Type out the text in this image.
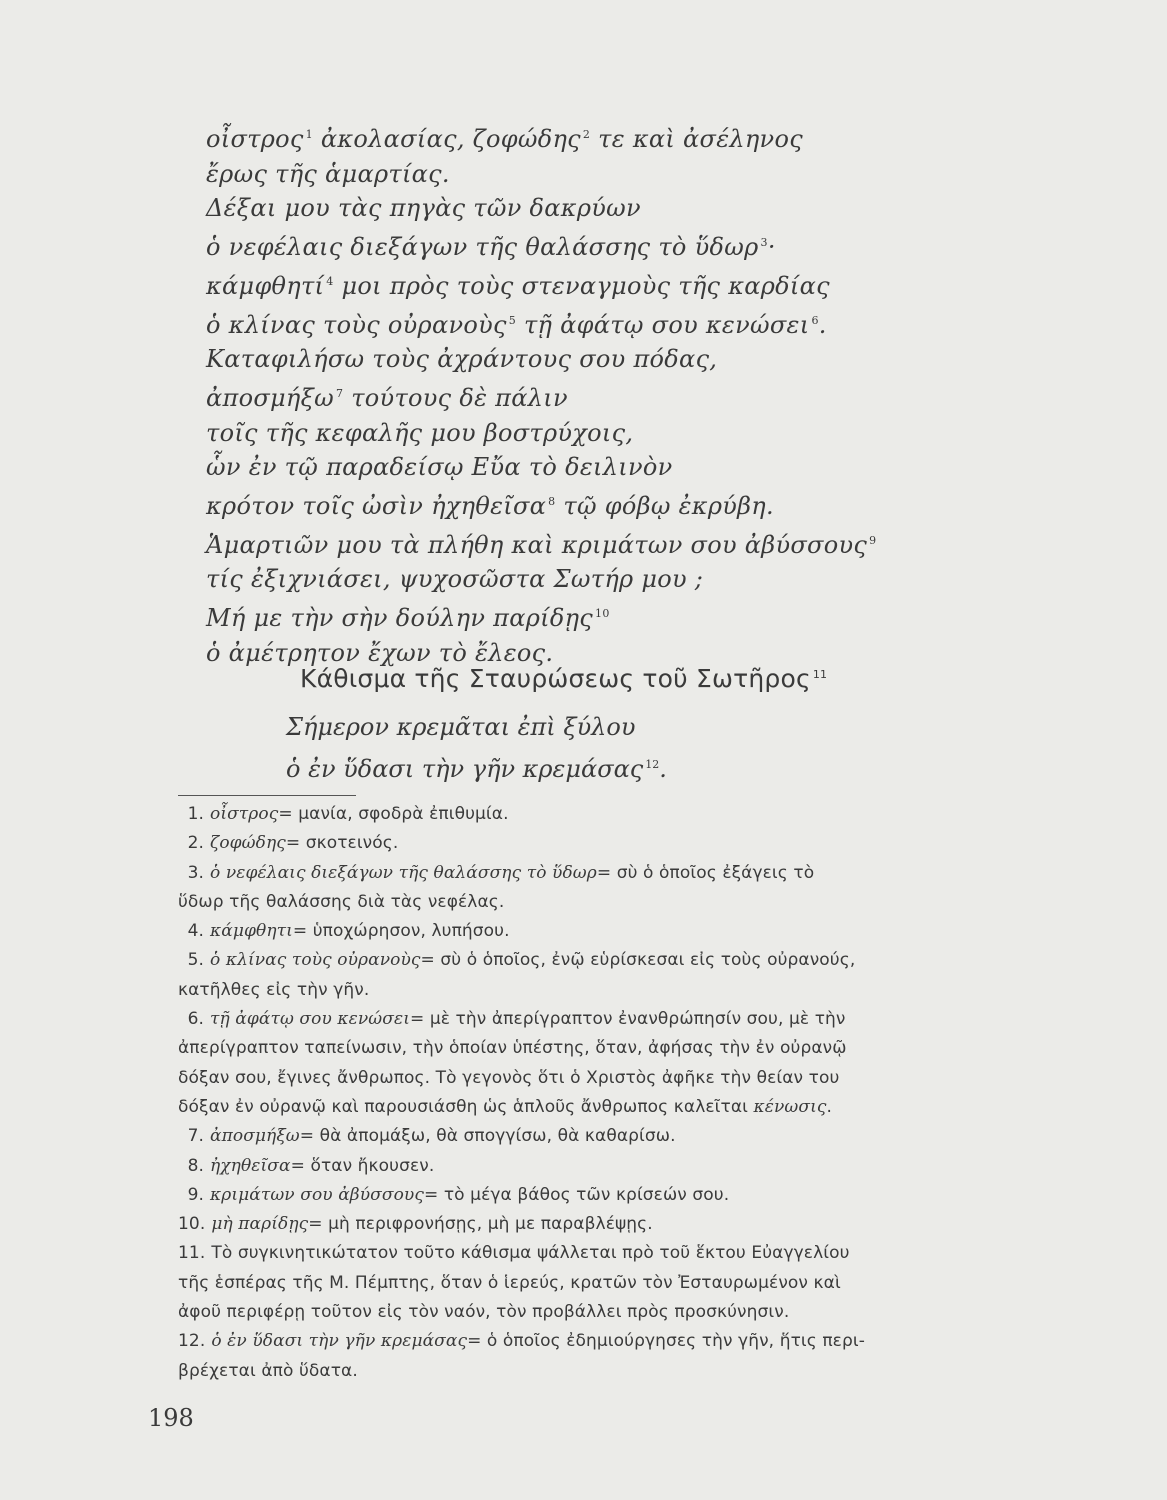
οἶστρος $^1$ ἀκολασίας, ζοφώδης $^2$ τε καὶ ἀσέληνος
ἔρως τῆς ἁμαρτίας.
Δέξαι μου τὰς πηγὰς τῶν δακρύων
ὁ νεφέλαις διεξάγων τῆς θαλάσσης τὸ ὕδωρ $^3$·
κάμφθητί $^4$ μοι πρὸς τοὺς στεναγμοὺς τῆς καρδίας
ὁ κλίνας τοὺς οὐρανοὺς $^5$ τῇ ἀφάτῳ σου κενώσει $^6$.
Καταφιλήσω τοὺς ἀχράντους σου πόδας,
ἀποσμήξω $^7$ τούτους δὲ πάλιν
τοῖς τῆς κεφαλῆς μου βοστρύχοις,
ὧν ἐν τῷ παραδείσῳ Εὔα τὸ δειλινὸν
κρότον τοῖς ὠσὶν ἠχηθεῖσα $^8$ τῷ φόβῳ ἐκρύβη.
Ἁμαρτιῶν μου τὰ πλήθη καὶ κριμάτων σου ἀβύσσους $^9$
τίς ἐξιχνιάσει, ψυχοσῶστα Σωτήρ μου ;
Μή με τὴν σὴν δούλην παρίδῃς $^{10}$
ὁ ἀμέτρητον ἔχων τὸ ἔλεος.
Κάθισμα τῆς Σταυρώσεως τοῦ Σωτῆρος $^{11}$
Σήμερον κρεμᾶται ἐπὶ ξύλου
ὁ ἐν ὕδασι τὴν γῆν κρεμάσας $^{12}$.
1. οἶστρος= μανία, σφοδρὰ ἐπιθυμία.
2. ζοφώδης= σκοτεινός.
3. ὁ νεφέλαις διεξάγων τῆς θαλάσσης τὸ ὕδωρ= σὺ ὁ ὁποῖος ἐξάγεις τὸ
ὕδωρ τῆς θαλάσσης διὰ τὰς νεφέλας.
4. κάμφθητι= ὑποχώρησον, λυπήσου.
5. ὁ κλίνας τοὺς οὐρανοὺς= σὺ ὁ ὁποῖος, ἐνῷ εὑρίσκεσαι εἰς τοὺς οὐρανούς,
κατῆλθες εἰς τὴν γῆν.
6. τῇ ἀφάτῳ σου κενώσει= μὲ τὴν ἀπερίγραπτον ἐνανθρώπησίν σου, μὲ τὴν
ἀπερίγραπτον ταπείνωσιν, τὴν ὁποίαν ὑπέστης, ὅταν, ἀφήσας τὴν ἐν οὐρανῷ
δόξαν σου, ἔγινες ἄνθρωπος. Τὸ γεγονὸς ὅτι ὁ Χριστὸς ἀφῆκε τὴν θείαν του
δόξαν ἐν οὐρανῷ καὶ παρουσιάσθη ὡς ἁπλοῦς ἄνθρωπος καλεῖται κένωσις.
7. ἀποσμήξω= θὰ ἀπομάξω, θὰ σπογγίσω, θὰ καθαρίσω.
8. ἠχηθεῖσα= ὅταν ἤκουσεν.
9. κριμάτων σου ἀβύσσους= τὸ μέγα βάθος τῶν κρίσεών σου.
10. μὴ παρίδῃς= μὴ περιφρονήσῃς, μὴ με παραβλέψῃς.
11. Τὸ συγκινητικώτατον τοῦτο κάθισμα ψάλλεται πρὸ τοῦ ἕκτου Εὐαγγελίου
τῆς ἑσπέρας τῆς Μ. Πέμπτης, ὅταν ὁ ἱερεύς, κρατῶν τὸν Ἐσταυρωμένον καὶ
ἀφοῦ περιφέρῃ τοῦτον εἰς τὸν ναόν, τὸν προβάλλει πρὸς προσκύνησιν.
12. ὁ ἐν ὕδασι τὴν γῆν κρεμάσας= ὁ ὁποῖος ἐδημιούργησες τὴν γῆν, ἥτις περι-
βρέχεται ἀπὸ ὕδατα.
198
